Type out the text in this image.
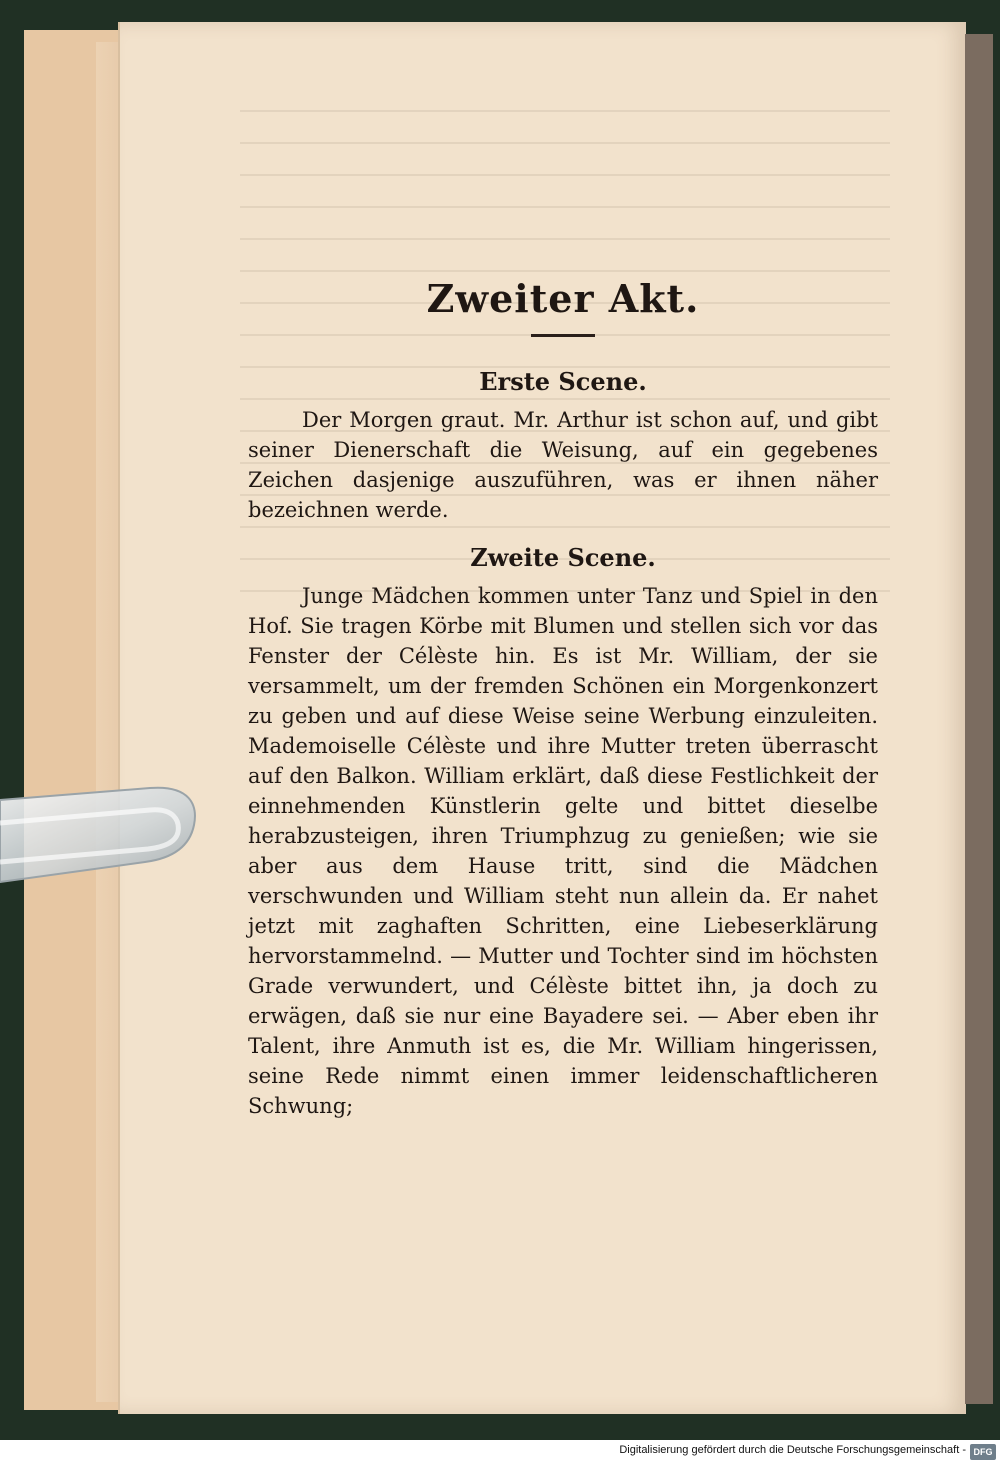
Zweiter Akt.
Erste Scene.

Der Morgen graut. Mr. Arthur ist schon auf, und gibt seiner Dienerschaft die Weisung, auf ein gegebenes Zeichen dasjenige auszuführen, was er ihnen näher bezeichnen werde.

Zweite Scene.

Junge Mädchen kommen unter Tanz und Spiel in den Hof. Sie tragen Körbe mit Blumen und stellen sich vor das Fenster der Célèste hin. Es ist Mr. William, der sie versammelt, um der fremden Schönen ein Morgenkonzert zu geben und auf diese Weise seine Werbung einzuleiten. Mademoiselle Célèste und ihre Mutter treten überrascht auf den Balkon. William erklärt, daß diese Festlichkeit der einnehmenden Künstlerin gelte und bittet dieselbe herabzusteigen, ihren Triumphzug zu genießen; wie sie aber aus dem Hause tritt, sind die Mädchen verschwunden und William steht nun allein da. Er nahet jetzt mit zaghaften Schritten, eine Liebeserklärung hervorstammelnd. — Mutter und Tochter sind im höchsten Grade verwundert, und Célèste bittet ihn, ja doch zu erwägen, daß sie nur eine Bayadere sei. — Aber eben ihr Talent, ihre Anmuth ist es, die Mr. William hingerissen, seine Rede nimmt einen immer leidenschaftlicheren Schwung;

Digitalisierung gefördert durch die Deutsche Forschungsgemeinschaft - DFG
